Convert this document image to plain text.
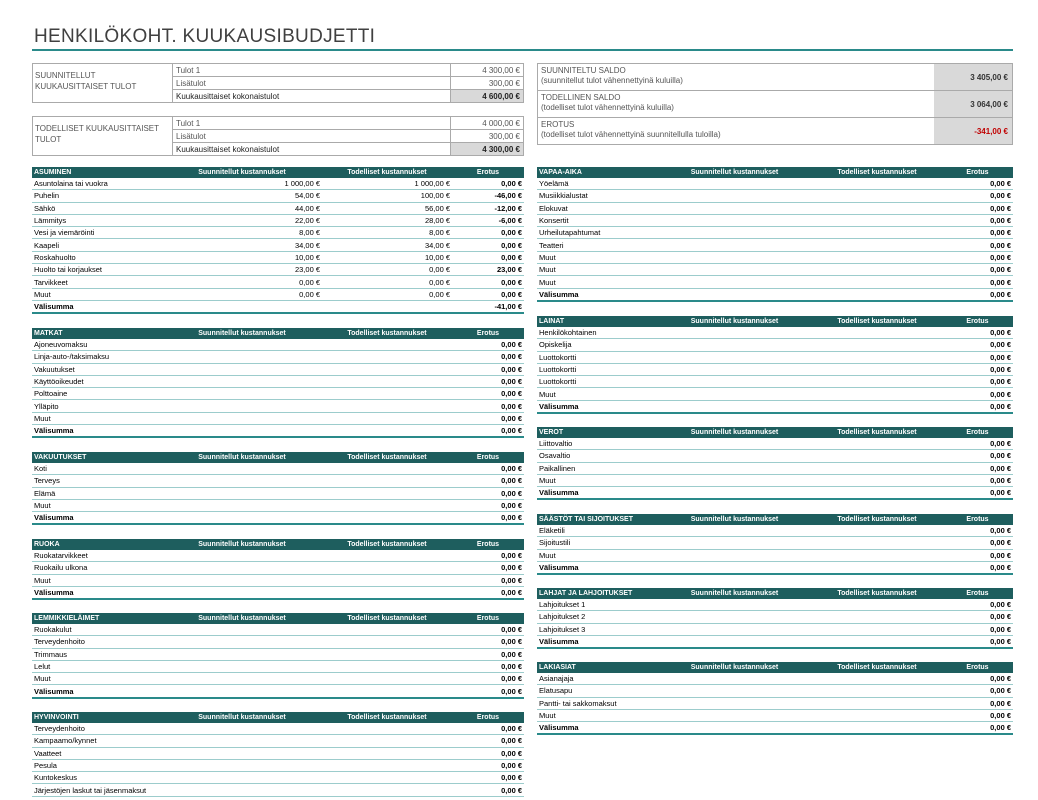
HENKILÖKOHT. KUUKAUSIBUDJETTI
SUUNNITELLUT KUUKAUSITTAISET TULOT
Tulot 1	4 300,00 €
Lisätulot	300,00 €
Kuukausittaiset kokonaistulot	4 600,00 €
TODELLISET KUUKAUSITTAISET TULOT
Tulot 1	4 000,00 €
Lisätulot	300,00 €
Kuukausittaiset kokonaistulot	4 300,00 €
SUUNNITELTU SALDO
(suunnitellut tulot vähennettyinä kuluilla)	3 405,00 €
TODELLINEN SALDO
(todelliset tulot vähennettyinä kuluilla)	3 064,00 €
EROTUS
(todelliset tulot vähennettyinä suunnitellulla tuloilla)	-341,00 €
ASUMINEN	Suunnitellut kustannukset	Todelliset kustannukset	Erotus
Asuntolaina tai vuokra	1 000,00 €	1 000,00 €	0,00 €
Puhelin	54,00 €	100,00 €	-46,00 €
Sähkö	44,00 €	56,00 €	-12,00 €
Lämmitys	22,00 €	28,00 €	-6,00 €
Vesi ja viemäröinti	8,00 €	8,00 €	0,00 €
Kaapeli	34,00 €	34,00 €	0,00 €
Roskahuolto	10,00 €	10,00 €	0,00 €
Huolto tai korjaukset	23,00 €	0,00 €	23,00 €
Tarvikkeet	0,00 €	0,00 €	0,00 €
Muut	0,00 €	0,00 €	0,00 €
Välisumma			-41,00 €
MATKAT	Suunnitellut kustannukset	Todelliset kustannukset	Erotus
Ajoneuvomaksu			0,00 €
Linja-auto-/taksimaksu			0,00 €
Vakuutukset			0,00 €
Käyttöoikeudet			0,00 €
Polttoaine			0,00 €
Ylläpito			0,00 €
Muut			0,00 €
Välisumma			0,00 €
VAKUUTUKSET	Suunnitellut kustannukset	Todelliset kustannukset	Erotus
Koti			0,00 €
Terveys			0,00 €
Elämä			0,00 €
Muut			0,00 €
Välisumma			0,00 €
RUOKA	Suunnitellut kustannukset	Todelliset kustannukset	Erotus
Ruokatarvikkeet			0,00 €
Ruokailu ulkona			0,00 €
Muut			0,00 €
Välisumma			0,00 €
LEMMIKKIELÄIMET	Suunnitellut kustannukset	Todelliset kustannukset	Erotus
Ruokakulut			0,00 €
Terveydenhoito			0,00 €
Trimmaus			0,00 €
Lelut			0,00 €
Muut			0,00 €
Välisumma			0,00 €
HYVINVOINTI	Suunnitellut kustannukset	Todelliset kustannukset	Erotus
Terveydenhoito			0,00 €
Kampaamo/kynnet			0,00 €
Vaatteet			0,00 €
Pesula			0,00 €
Kuntokeskus			0,00 €
Järjestöjen laskut tai jäsenmaksut			0,00 €
VAPAA-AIKA	Suunnitellut kustannukset	Todelliset kustannukset	Erotus
Yöelämä			0,00 €
Musiikkialustat			0,00 €
Elokuvat			0,00 €
Konsertit			0,00 €
Urheilutapahtumat			0,00 €
Teatteri			0,00 €
Muut			0,00 €
Muut			0,00 €
Muut			0,00 €
Välisumma			0,00 €
LAINAT	Suunnitellut kustannukset	Todelliset kustannukset	Erotus
Henkilökohtainen			0,00 €
Opiskelija			0,00 €
Luottokortti			0,00 €
Luottokortti			0,00 €
Luottokortti			0,00 €
Muut			0,00 €
Välisumma			0,00 €
VEROT	Suunnitellut kustannukset	Todelliset kustannukset	Erotus
Liittovaltio			0,00 €
Osavaltio			0,00 €
Paikallinen			0,00 €
Muut			0,00 €
Välisumma			0,00 €
SÄÄSTÖT TAI SIJOITUKSET	Suunnitellut kustannukset	Todelliset kustannukset	Erotus
Eläketili			0,00 €
Sijoitustili			0,00 €
Muut			0,00 €
Välisumma			0,00 €
LAHJAT JA LAHJOITUKSET	Suunnitellut kustannukset	Todelliset kustannukset	Erotus
Lahjoitukset 1			0,00 €
Lahjoitukset 2			0,00 €
Lahjoitukset 3			0,00 €
Välisumma			0,00 €
LAKIASIAT	Suunnitellut kustannukset	Todelliset kustannukset	Erotus
Asianajaja			0,00 €
Elatusapu			0,00 €
Pantti- tai sakkomaksut			0,00 €
Muut			0,00 €
Välisumma			0,00 €
